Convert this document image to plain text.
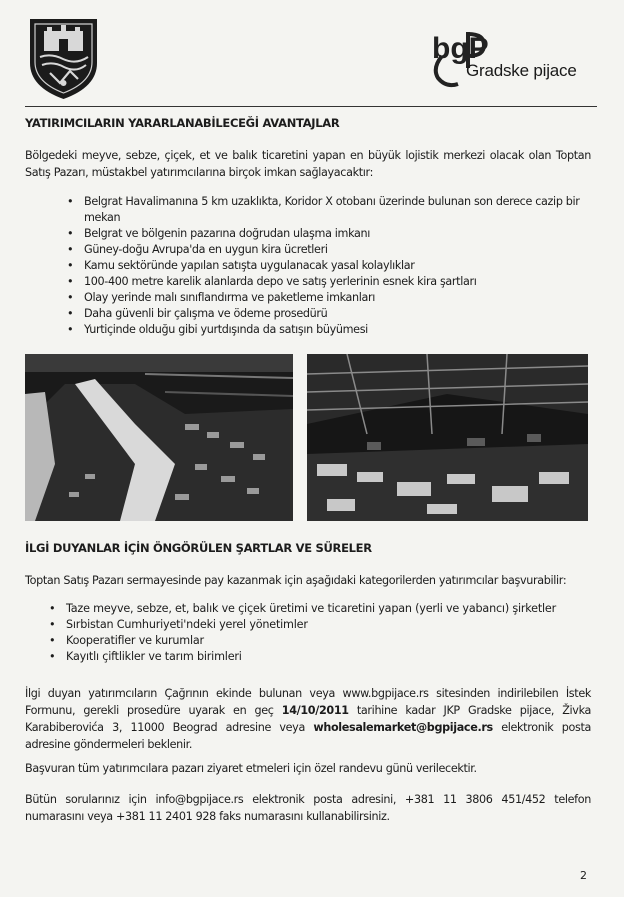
bgP
Gradske pijace
YATIRIMCILARIN YARARLANABİLECEĞİ AVANTAJLAR
Bölgedeki meyve, sebze, çiçek, et ve balık ticaretini yapan en büyük lojistik merkezi olacak olan Toptan Satış Pazarı, müstakbel yatırımcılarına birçok imkan sağlayacaktır:
• Belgrat Havalimanına 5 km uzaklıkta, Koridor X otobanı üzerinde bulunan son derece cazip bir mekan
• Belgrat ve bölgenin pazarına doğrudan ulaşma imkanı
• Güney-doğu Avrupa'da en uygun kira ücretleri
• Kamu sektöründe yapılan satışta uygulanacak yasal kolaylıklar
• 100-400 metre karelik alanlarda depo ve satış yerlerinin esnek kira şartları
• Olay yerinde malı sınıflandırma ve paketleme imkanları
• Daha güvenli bir çalışma ve ödeme prosedürü
• Yurtiçinde olduğu gibi yurtdışında da satışın büyümesi
İLGİ DUYANLAR İÇİN ÖNGÖRÜLEN ŞARTLAR VE SÜRELER
Toptan Satış Pazarı sermayesinde pay kazanmak için aşağıdaki kategorilerden yatırımcılar başvurabilir:
• Taze meyve, sebze, et, balık ve çiçek üretimi ve ticaretini yapan (yerli ve yabancı) şirketler
• Sırbistan Cumhuriyeti'ndeki yerel yönetimler
• Kooperatifler ve kurumlar
• Kayıtlı çiftlikler ve tarım birimleri
İlgi duyan yatırımcıların Çağrının ekinde bulunan veya www.bgpijace.rs sitesinden indirilebilen İstek Formunu, gerekli prosedüre uyarak en geç 14/10/2011 tarihine kadar JKP Gradske pijace, Živka Karabiberovića 3, 11000 Beograd adresine veya wholesalemarket@bgpijace.rs elektronik posta adresine göndermeleri beklenir.
Başvuran tüm yatırımcılara pazarı ziyaret etmeleri için özel randevu günü verilecektir.
Bütün sorularınız için info@bgpijace.rs elektronik posta adresini, +381 11 3806 451/452 telefon numarasını veya +381 11 2401 928 faks numarasını kullanabilirsiniz.
2
